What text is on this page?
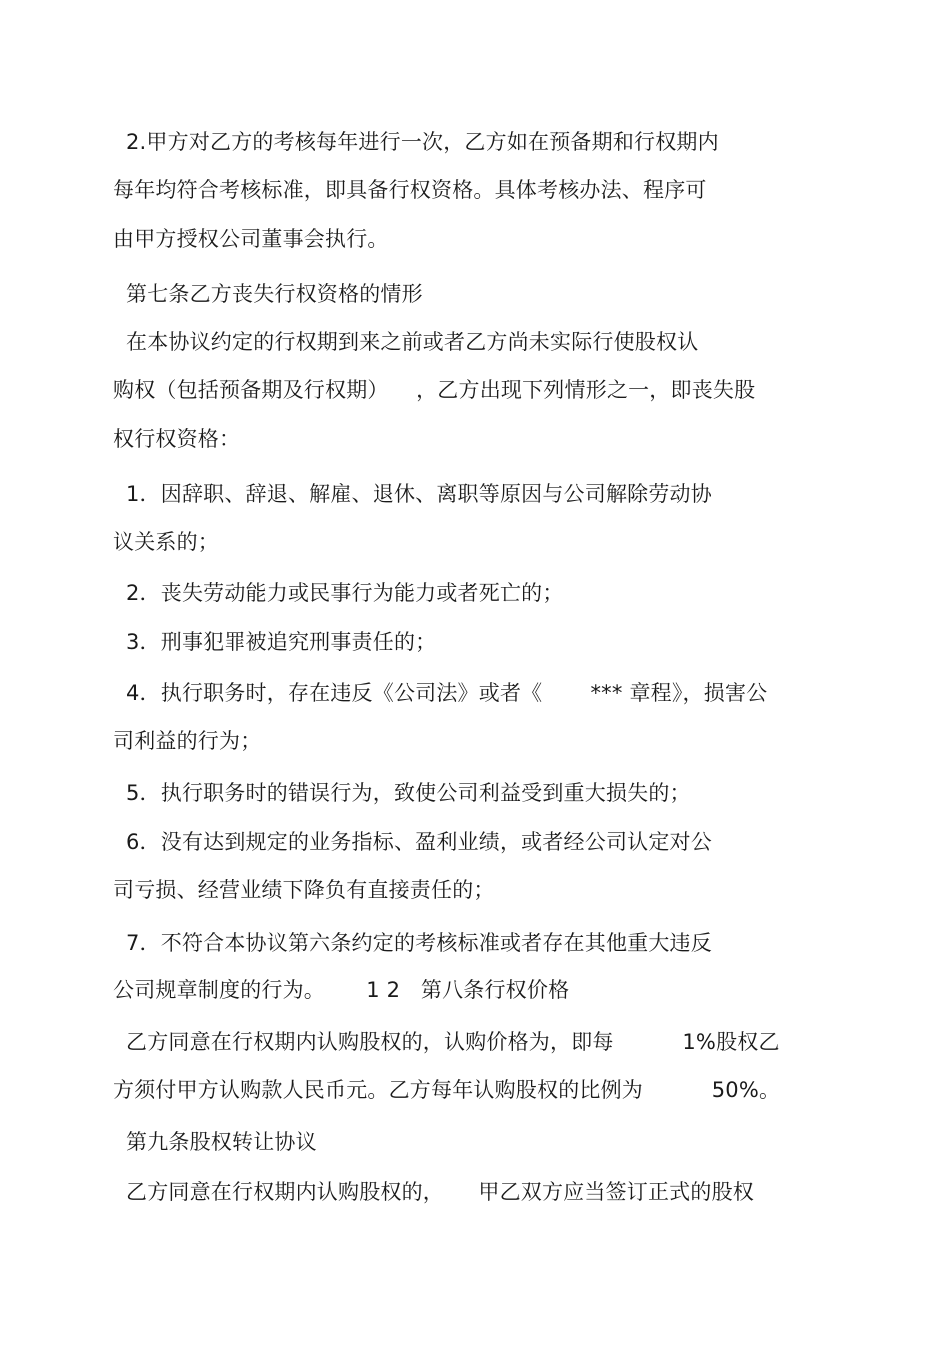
2.甲方对乙方的考核每年进行一次，乙方如在预备期和行权期内
每年均符合考核标准，即具备行权资格。具体考核办法、程序可
由甲方授权公司董事会执行。
第七条乙方丧失行权资格的情形
在本协议约定的行权期到来之前或者乙方尚未实际行使股权认
购权（包括预备期及行权期）    ，乙方出现下列情形之一，即丧失股
权行权资格：
1．因辞职、辞退、解雇、退休、离职等原因与公司解除劳动协
议关系的；
2．丧失劳动能力或民事行为能力或者死亡的；
3．刑事犯罪被追究刑事责任的；
4．执行职务时，存在违反《公司法》或者《       *** 章程》，损害公
司利益的行为；
5．执行职务时的错误行为，致使公司利益受到重大损失的；
6．没有达到规定的业务指标、盈利业绩，或者经公司认定对公
司亏损、经营业绩下降负有直接责任的；
7．不符合本协议第六条约定的考核标准或者存在其他重大违反
公司规章制度的行为。      1 2   第八条行权价格
乙方同意在行权期内认购股权的，认购价格为，即每          1%股权乙
方须付甲方认购款人民币元。乙方每年认购股权的比例为          50%。
第九条股权转让协议
乙方同意在行权期内认购股权的，     甲乙双方应当签订正式的股权
